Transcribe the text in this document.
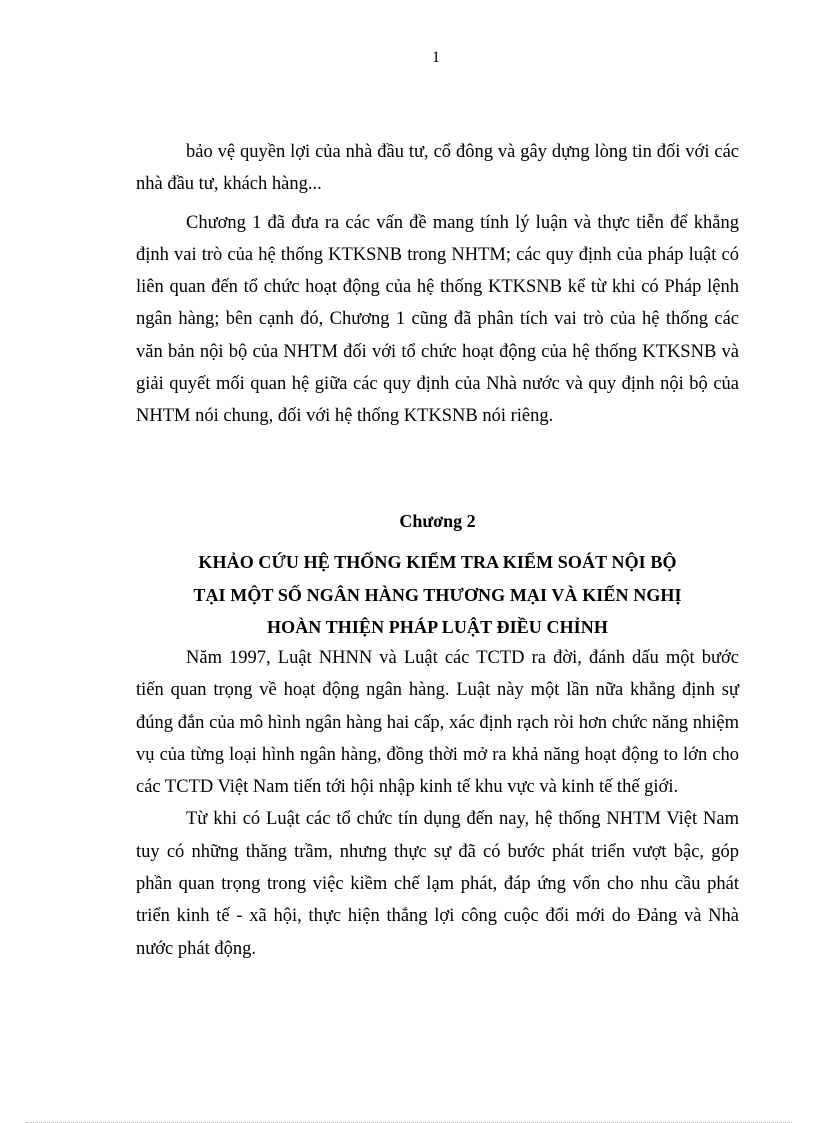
1

bảo vệ quyền lợi của nhà đầu tư, cổ đông và gây dựng lòng tin đối với các nhà đầu tư, khách hàng...

Chương 1 đã đưa ra các vấn đề mang tính lý luận và thực tiễn để khẳng định vai trò của hệ thống KTKSNB trong NHTM; các quy định của pháp luật có liên quan đến tổ chức hoạt động của hệ thống KTKSNB kể từ khi có Pháp lệnh ngân hàng; bên cạnh đó, Chương 1 cũng đã phân tích vai trò của hệ thống các văn bản nội bộ của NHTM đối với tổ chức hoạt động của hệ thống KTKSNB và giải quyết mối quan hệ giữa các quy định của Nhà nước và quy định nội bộ của NHTM nói chung, đối với hệ thống KTKSNB nói riêng.

Chương 2
KHẢO CỨU HỆ THỐNG KIỂM TRA KIỂM SOÁT NỘI BỘ
TẠI MỘT SỐ NGÂN HÀNG THƯƠNG MẠI VÀ KIẾN NGHỊ
HOÀN THIỆN PHÁP LUẬT ĐIỀU CHỈNH

Năm 1997, Luật NHNN và Luật các TCTD ra đời, đánh dấu một bước tiến quan trọng về hoạt động ngân hàng. Luật này một lần nữa khẳng định sự đúng đắn của mô hình ngân hàng hai cấp, xác định rạch ròi hơn chức năng nhiệm vụ của từng loại hình ngân hàng, đồng thời mở ra khả năng hoạt động to lớn cho các TCTD Việt Nam tiến tới hội nhập kinh tế khu vực và kinh tế thế giới.

Từ khi có Luật các tổ chức tín dụng đến nay, hệ thống NHTM Việt Nam tuy có những thăng trầm, nhưng thực sự đã có bước phát triển vượt bậc, góp phần quan trọng trong việc kiềm chế lạm phát, đáp ứng vốn cho nhu cầu phát triển kinh tế - xã hội, thực hiện thắng lợi công cuộc đổi mới do Đảng và Nhà nước phát động.
